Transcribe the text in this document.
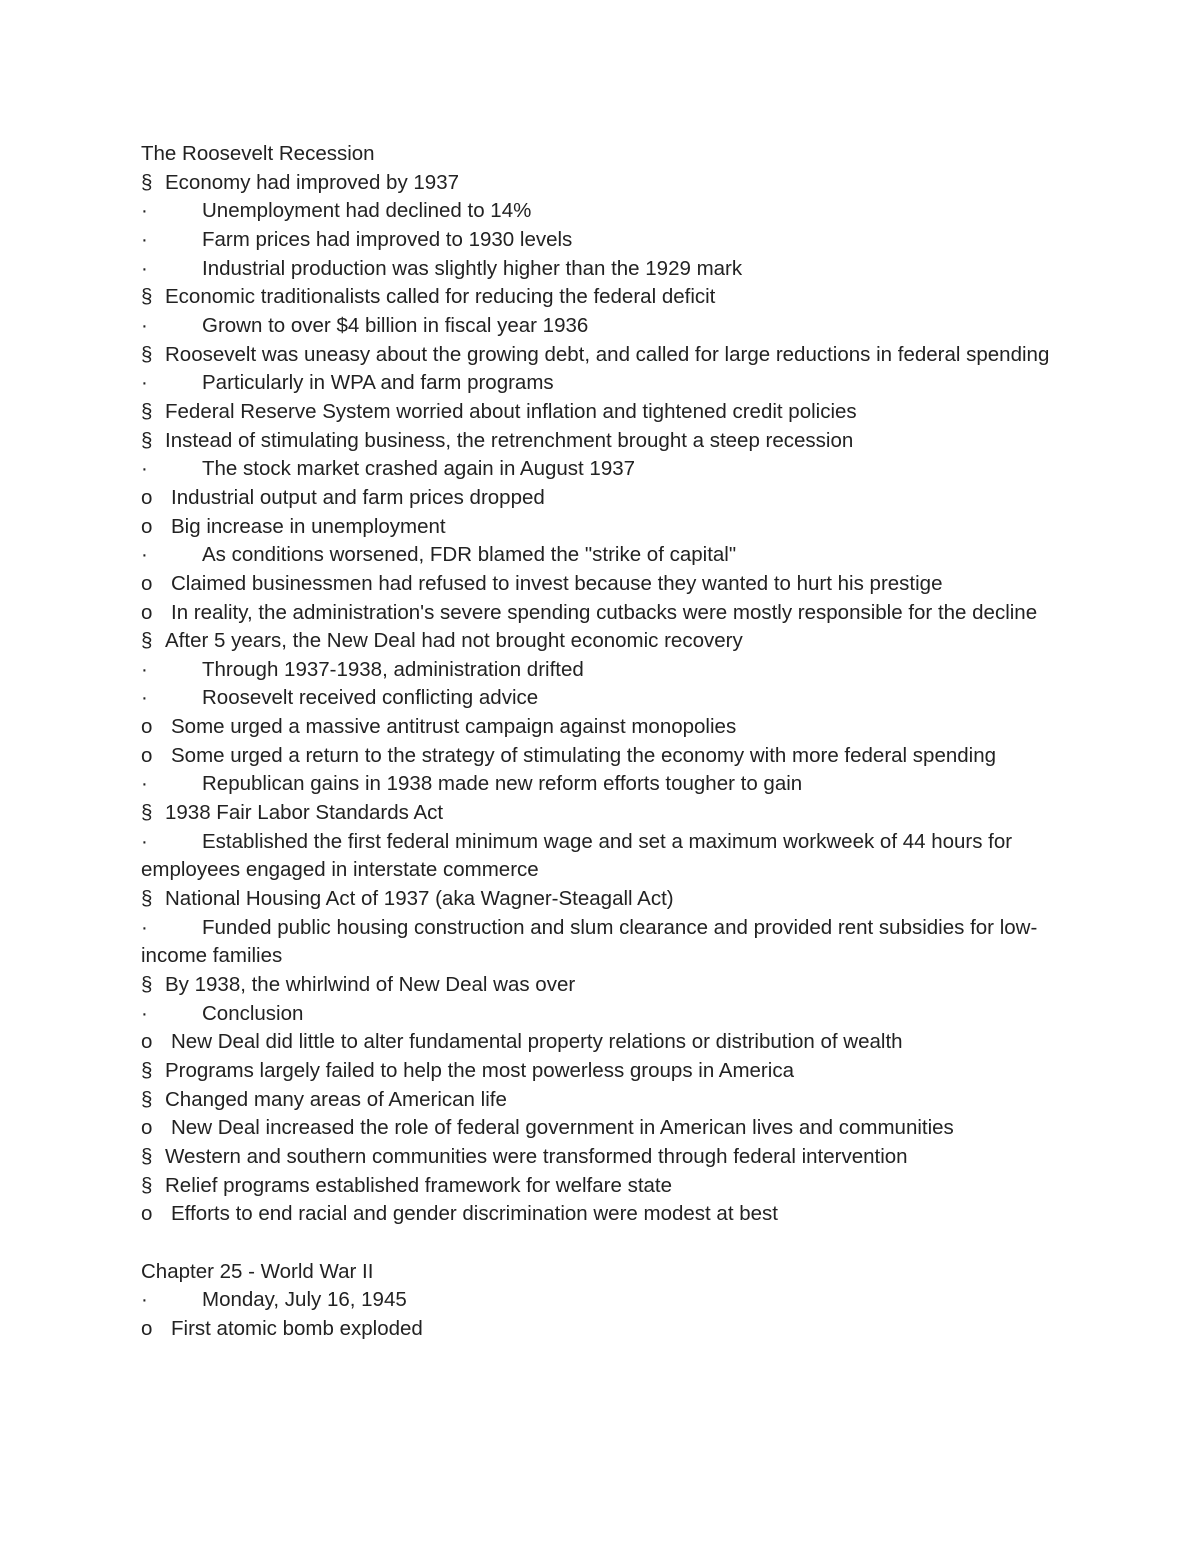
The Roosevelt Recession
§ Economy had improved by 1937
·	Unemployment had declined to 14%
·	Farm prices had improved to 1930 levels
·	Industrial production was slightly higher than the 1929 mark
§ Economic traditionalists called for reducing the federal deficit
·	Grown to over $4 billion in fiscal year 1936
§ Roosevelt was uneasy about the growing debt, and called for large reductions in federal spending
·	Particularly in WPA and farm programs
§ Federal Reserve System worried about inflation and tightened credit policies
§ Instead of stimulating business, the retrenchment brought a steep recession
·	The stock market crashed again in August 1937
o Industrial output and farm prices dropped
o Big increase in unemployment
·	As conditions worsened, FDR blamed the "strike of capital"
o Claimed businessmen had refused to invest because they wanted to hurt his prestige
o In reality, the administration's severe spending cutbacks were mostly responsible for the decline
§ After 5 years, the New Deal had not brought economic recovery
·	Through 1937-1938, administration drifted
·	Roosevelt received conflicting advice
o Some urged a massive antitrust campaign against monopolies
o Some urged a return to the strategy of stimulating the economy with more federal spending
·	Republican gains in 1938 made new reform efforts tougher to gain
§ 1938 Fair Labor Standards Act
·	Established the first federal minimum wage and set a maximum workweek of 44 hours for employees engaged in interstate commerce
§ National Housing Act of 1937 (aka Wagner-Steagall Act)
·	Funded public housing construction and slum clearance and provided rent subsidies for low-income families
§ By 1938, the whirlwind of New Deal was over
·	Conclusion
o New Deal did little to alter fundamental property relations or distribution of wealth
§ Programs largely failed to help the most powerless groups in America
§ Changed many areas of American life
o New Deal increased the role of federal government in American lives and communities
§ Western and southern communities were transformed through federal intervention
§ Relief programs established framework for welfare state
o Efforts to end racial and gender discrimination were modest at best
Chapter 25 - World War II
·	Monday, July 16, 1945
o First atomic bomb exploded
